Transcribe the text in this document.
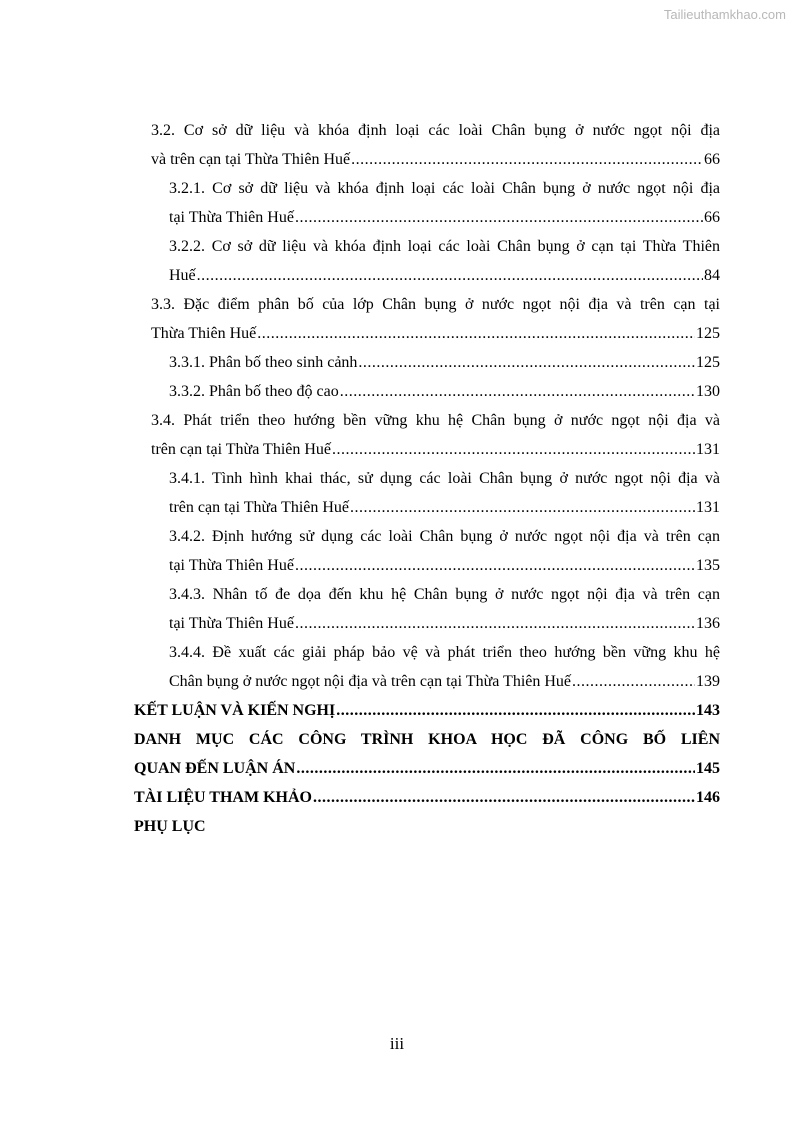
Tailieuthamkhao.com
3.2. Cơ sở dữ liệu và khóa định loại các loài Chân bụng ở nước ngọt nội địa
và trên cạn tại Thừa Thiên Huế .....	66
3.2.1. Cơ sở dữ liệu và khóa định loại các loài Chân bụng ở nước ngọt nội địa
tại Thừa Thiên Huế .....	66
3.2.2. Cơ sở dữ liệu và khóa định loại các loài Chân bụng ở cạn tại Thừa Thiên
Huế .....	84
3.3. Đặc điểm phân bố của lớp Chân bụng ở nước ngọt nội địa và trên cạn tại
Thừa Thiên Huế .....	125
3.3.1. Phân bố theo sinh cảnh .....	125
3.3.2. Phân bố theo độ cao .....	130
3.4. Phát triển theo hướng bền vững khu hệ Chân bụng ở nước ngọt nội địa và
trên cạn tại Thừa Thiên Huế .....	131
3.4.1. Tình hình khai thác, sử dụng các loài Chân bụng ở nước ngọt nội địa và
trên cạn tại Thừa Thiên Huế .....	131
3.4.2. Định hướng sử dụng các loài Chân bụng ở nước ngọt nội địa và trên cạn
tại Thừa Thiên Huế .....	135
3.4.3. Nhân tố đe dọa đến khu hệ Chân bụng ở nước ngọt nội địa và trên cạn
tại Thừa Thiên Huế .....	136
3.4.4. Đề xuất các giải pháp bảo vệ và phát triển theo hướng bền vững khu hệ
Chân bụng ở nước ngọt nội địa và trên cạn tại Thừa Thiên Huế .....	139
KẾT LUẬN VÀ KIẾN NGHỊ .....	143
DANH MỤC CÁC CÔNG TRÌNH KHOA HỌC ĐÃ CÔNG BỐ LIÊN
QUAN ĐẾN LUẬN ÁN .....	145
TÀI LIỆU THAM KHẢO .....	146
PHỤ LỤC
iii
